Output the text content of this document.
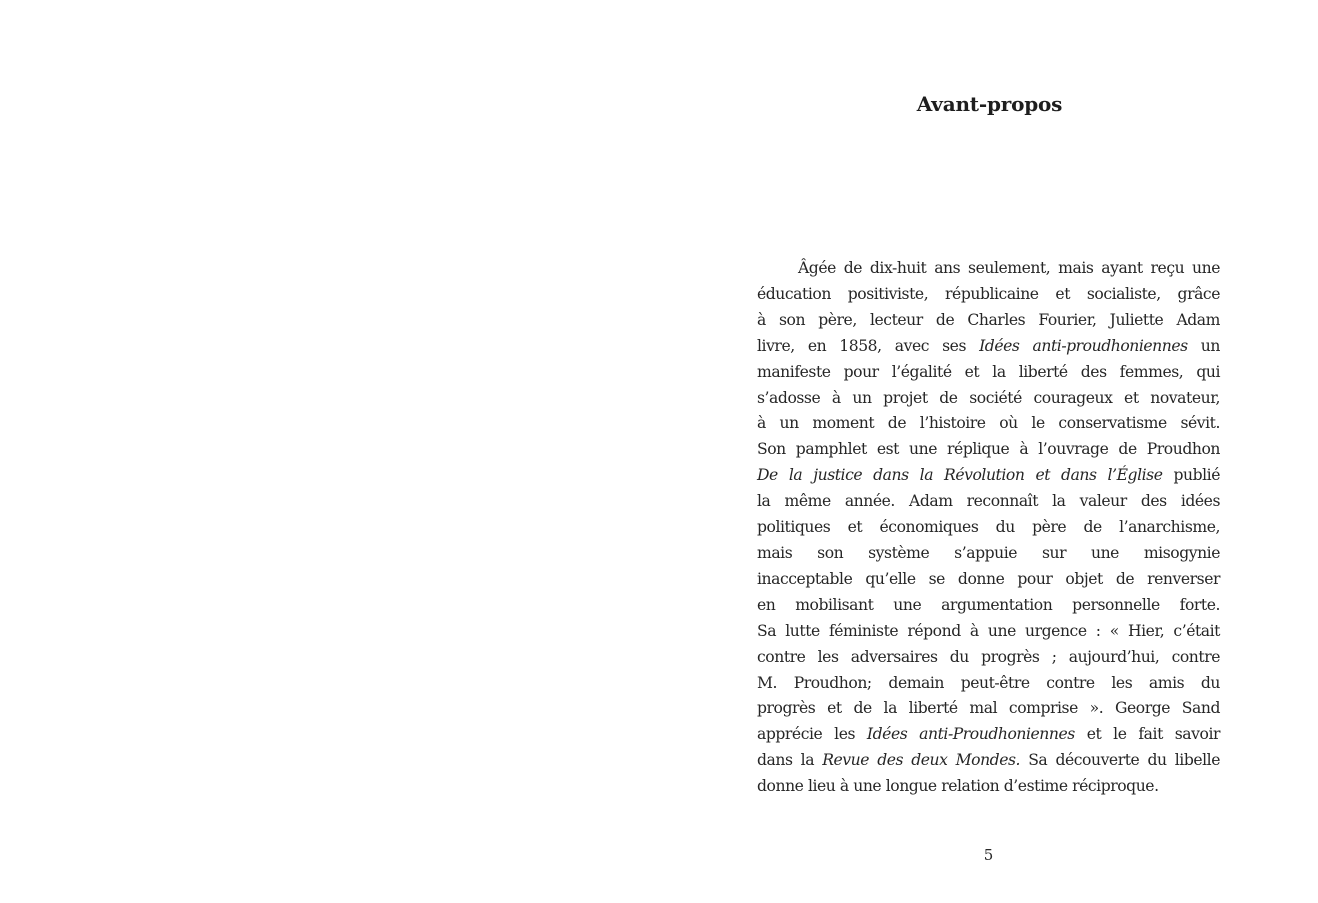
Avant-propos

Âgée de dix-huit ans seulement, mais ayant reçu une
éducation positiviste, républicaine et socialiste, grâce
à son père, lecteur de Charles Fourier, Juliette Adam
livre, en 1858, avec ses Idées anti-proudhoniennes un
manifeste pour l’égalité et la liberté des femmes, qui
s’adosse à un projet de société courageux et novateur,
à un moment de l’histoire où le conservatisme sévit.
Son pamphlet est une réplique à l’ouvrage de Proudhon
De la justice dans la Révolution et dans l’Église publié
la même année. Adam reconnaît la valeur des idées
politiques et économiques du père de l’anarchisme,
mais son système s’appuie sur une misogynie
inacceptable qu’elle se donne pour objet de renverser
en mobilisant une argumentation personnelle forte.
Sa lutte féministe répond à une urgence : « Hier, c’était
contre les adversaires du progrès ; aujourd’hui, contre
M. Proudhon; demain peut-être contre les amis du
progrès et de la liberté mal comprise ». George Sand
apprécie les Idées anti-Proudhoniennes et le fait savoir
dans la Revue des deux Mondes. Sa découverte du libelle
donne lieu à une longue relation d’estime réciproque.

5
